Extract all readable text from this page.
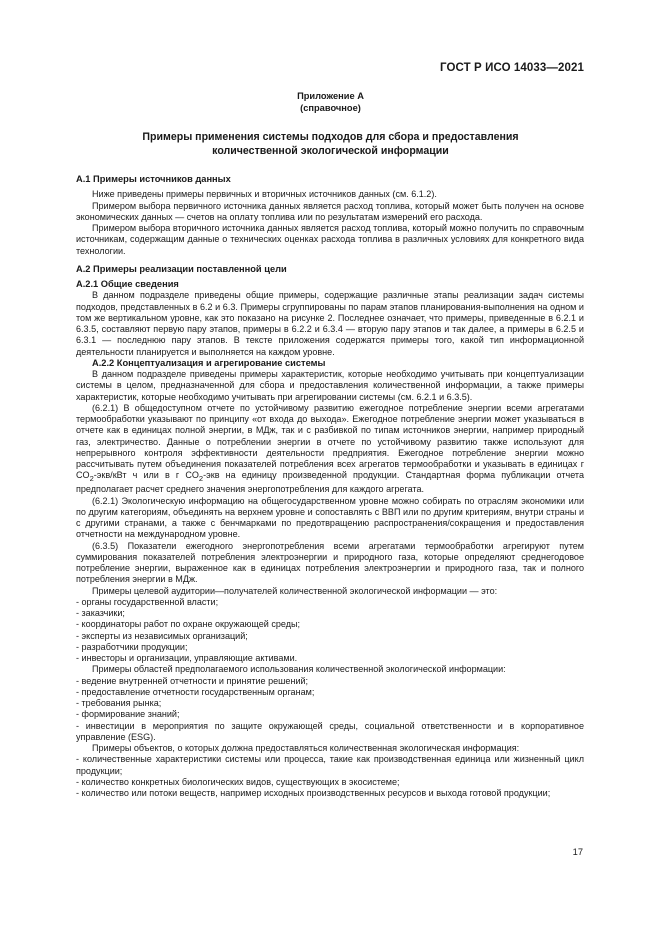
ГОСТ Р ИСО 14033—2021
Приложение А
(справочное)
Примеры применения системы подходов для сбора и предоставления количественной экологической информации
А.1 Примеры источников данных

Ниже приведены примеры первичных и вторичных источников данных (см. 6.1.2).

Примером выбора первичного источника данных является расход топлива, который может быть получен на основе экономических данных — счетов на оплату топлива или по результатам измерений его расхода.

Примером выбора вторичного источника данных является расход топлива, который можно получить по справочным источникам, содержащим данные о технических оценках расхода топлива в различных условиях для конкретного вида технологии.

А.2 Примеры реализации поставленной цели
А.2.1 Общие сведения

В данном подразделе приведены общие примеры, содержащие различные этапы реализации задач системы подходов, представленных в 6.2 и 6.3. Примеры сгруппированы по парам этапов планирования-выполнения на одном и том же вертикальном уровне, как это показано на рисунке 2. Последнее означает, что примеры, приведенные в 6.2.1 и 6.3.5, составляют первую пару этапов, примеры в 6.2.2 и 6.3.4 — вторую пару этапов и так далее, а примеры в 6.2.5 и 6.3.1 — последнюю пару этапов. В тексте приложения содержатся примеры того, какой тип информационной деятельности планируется и выполняется на каждом уровне.

А.2.2 Концептуализация и агрегирование системы

В данном подразделе приведены примеры характеристик, которые необходимо учитывать при концептуализации системы в целом, предназначенной для сбора и предоставления количественной информации, а также примеры характеристик, которые необходимо учитывать при агрегировании системы (см. 6.2.1 и 6.3.5).

(6.2.1) В общедоступном отчете по устойчивому развитию ежегодное потребление энергии всеми агрегатами термообработки указывают по принципу «от входа до выхода». Ежегодное потребление энергии может указываться в отчете как в единицах полной энергии, в МДж, так и с разбивкой по типам источников энергии, например природный газ, электричество. Данные о потреблении энергии в отчете по устойчивому развитию также используют для непрерывного контроля эффективности деятельности предприятия. Ежегодное потребление энергии можно рассчитывать путем объединения показателей потребления всех агрегатов термообработки и указывать в единицах г $CO_2-экв$/кВт ч или в г $CO_2$-экв на единицу произведенной продукции. Стандартная форма публикации отчета предполагает расчет среднего значения энергопотребления для каждого агрегата.

(6.2.1) Экологическую информацию на общегосударственном уровне можно собирать по отраслям экономики или по другим категориям, объединять на верхнем уровне и сопоставлять с ВВП или по другим критериям, внутри страны и с другими странами, а также с бенчмарками по предотвращению распространения/сокращения и предоставления отчетности на международном уровне.

(6.3.5) Показатели ежегодного энергопотребления всеми агрегатами термообработки агрегируют путем суммирования показателей потребления электроэнергии и природного газа, которые определяют среднегодовое потребление энергии, выраженное как в единицах потребления электроэнергии и природного газа, так и полного потребления энергии в МДж.

Примеры целевой аудитории—получателей количественной экологической информации — это:

- органы государственной власти;

- заказчики;

- координаторы работ по охране окружающей среды;

- эксперты из независимых организаций;

- разработчики продукции;

- инвесторы и организации, управляющие активами.

Примеры областей предполагаемого использования количественной экологической информации:

- ведение внутренней отчетности и принятие решений;

- предоставление отчетности государственным органам;

- требования рынка;

- формирование знаний;

- инвестиции в мероприятия по защите окружающей среды, социальной ответственности и в корпоративное управление (ESG).

Примеры объектов, о которых должна предоставляться количественная экологическая информация:

- количественные характеристики системы или процесса, такие как производственная единица или жизненный цикл продукции;

- количество конкретных биологических видов, существующих в экосистеме;

- количество или потоки веществ, например исходных производственных ресурсов и выхода готовой продукции;

17
